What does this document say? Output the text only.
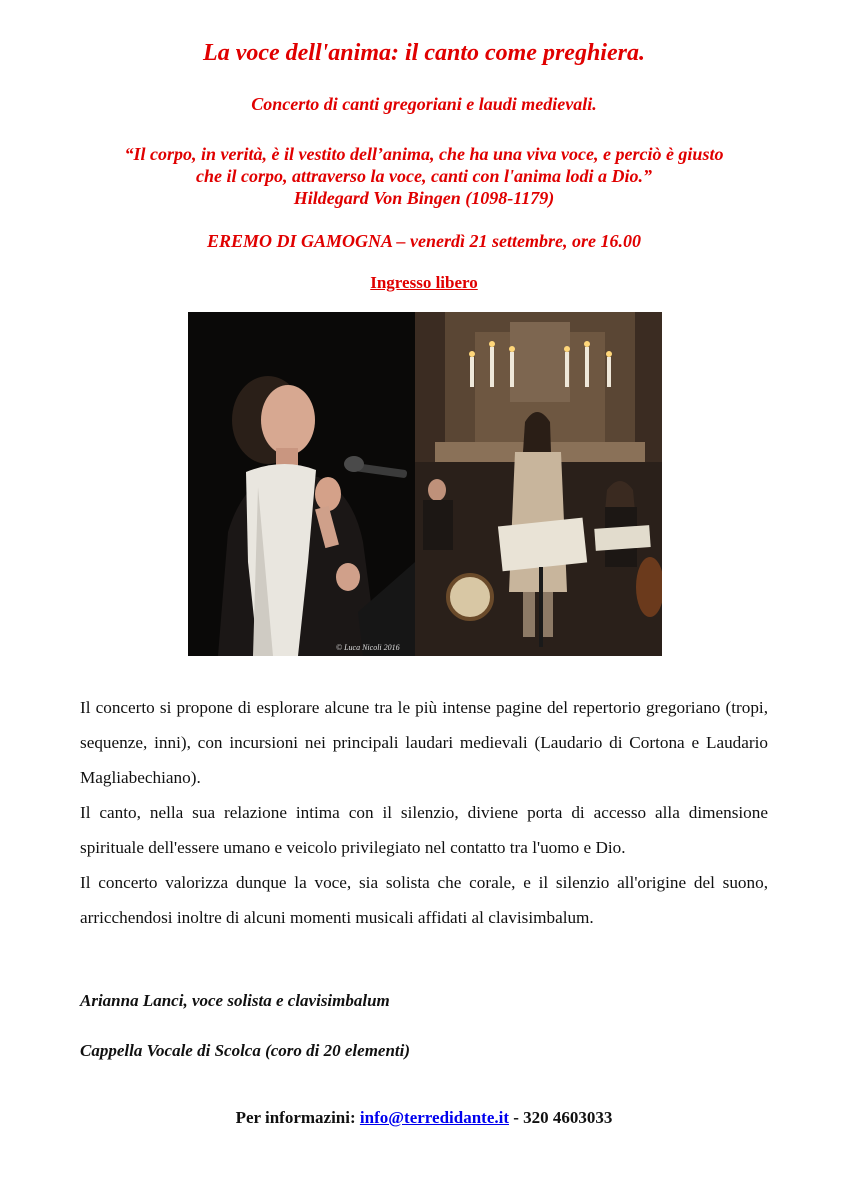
La voce dell'anima: il canto come preghiera.
Concerto di canti gregoriani e laudi medievali.
“Il corpo, in verità, è il vestito dell’anima, che ha una viva voce, e perciò è giusto
che il corpo, attraverso la voce, canti con l'anima lodi a Dio.”
Hildegard Von Bingen (1098-1179)
EREMO DI GAMOGNA – venerdì 21 settembre, ore 16.00
Ingresso libero
© Luca Nicoli 2016

Il concerto si propone di esplorare alcune tra le più intense pagine del repertorio gregoriano (tropi, sequenze, inni), con incursioni nei principali laudari medievali (Laudario di Cortona e Laudario Magliabechiano).

Il canto, nella sua relazione intima con il silenzio, diviene porta di accesso alla dimensione spirituale dell'essere umano e veicolo privilegiato nel contatto tra l'uomo e Dio.

Il concerto valorizza dunque la voce, sia solista che corale, e il silenzio all'origine del suono, arricchendosi inoltre di alcuni momenti musicali affidati al clavisimbalum.

Arianna Lanci, voce solista e clavisimbalum
Cappella Vocale di Scolca (coro di 20 elementi)
Per informazini: info@terredidante.it - 320 4603033
